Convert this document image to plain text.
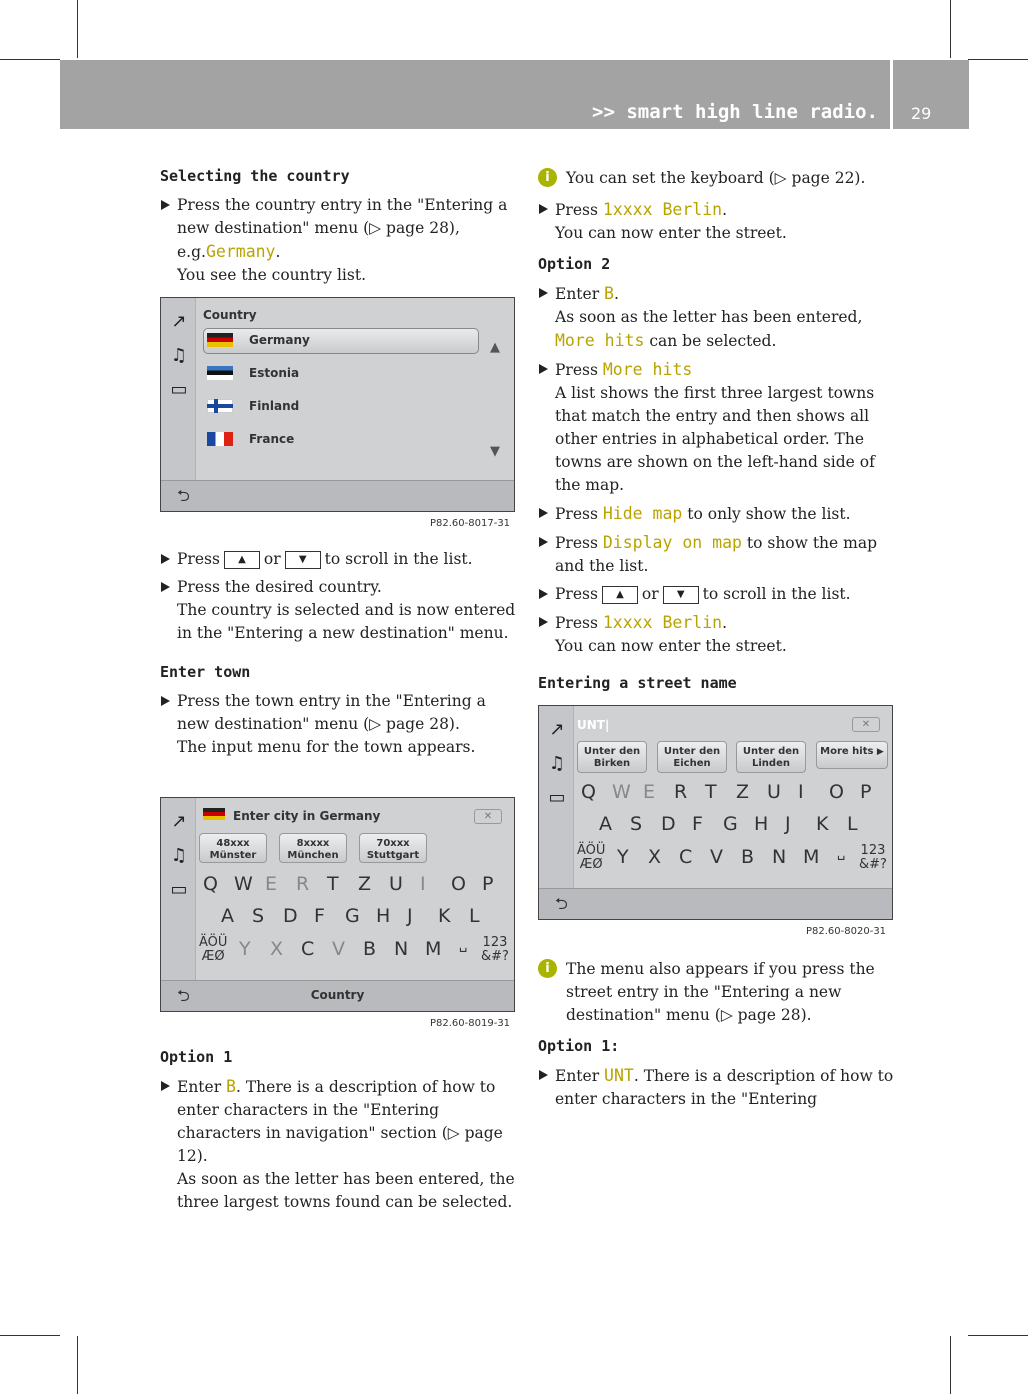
>> smart high line radio. 29

Selecting the country

Press the country entry in the "Entering a new destination" menu (▷ page 28), e.g.Germany.
You see the country list.

↗
♫
▭
Country
Germany
Estonia
Finland
France
▲
▼
⮌
P82.60-8017-31

Press ▲ or ▼ to scroll in the list.

Press the desired country.
The country is selected and is now entered in the "Entering a new destination" menu.

Enter town

Press the town entry in the "Entering a new destination" menu (▷ page 28).
The input menu for the town appears.

↗
♫
▭
Enter city in Germany	✕
48xxx
Münster
8xxxx
München
70xxx
Stuttgart
Q W E R T Z U I O P
A S D F G H J K L
Y X C V B N M
ÄÖÜ
ÆØ
␣ 123
&#?
⮌	Country
P82.60-8019-31

Option 1

Enter B. There is a description of how to enter characters in the "Entering characters in navigation" section (▷ page 12).
As soon as the letter has been entered, the three largest towns found can be selected.

i	You can set the keyboard (▷ page 22).

Press 1xxxx Berlin.
You can now enter the street.

Option 2

Enter B.
As soon as the letter has been entered,
More hits can be selected.

Press More hits
A list shows the first three largest towns that match the entry and then shows all other entries in alphabetical order. The towns are shown on the left-hand side of the map.

Press Hide map to only show the list.

Press Display on map to show the map and the list.

Press ▲ or ▼ to scroll in the list.

Press 1xxxx Berlin.
You can now enter the street.

Entering a street name

↗
♫
▭
UNT|	✕
Unter den
Birken
Unter den
Eichen
Unter den
Linden
More hits ▶
Q W E R T Z U I O P
A S D F G H J K L
Y X C V B N M
ÄÖÜ
ÆØ
␣ 123
&#?
⮌
P82.60-8020-31

i	The menu also appears if you press the street entry in the "Entering a new destination" menu (▷ page 28).

Option 1:

Enter UNT. There is a description of how to enter characters in the "Entering
